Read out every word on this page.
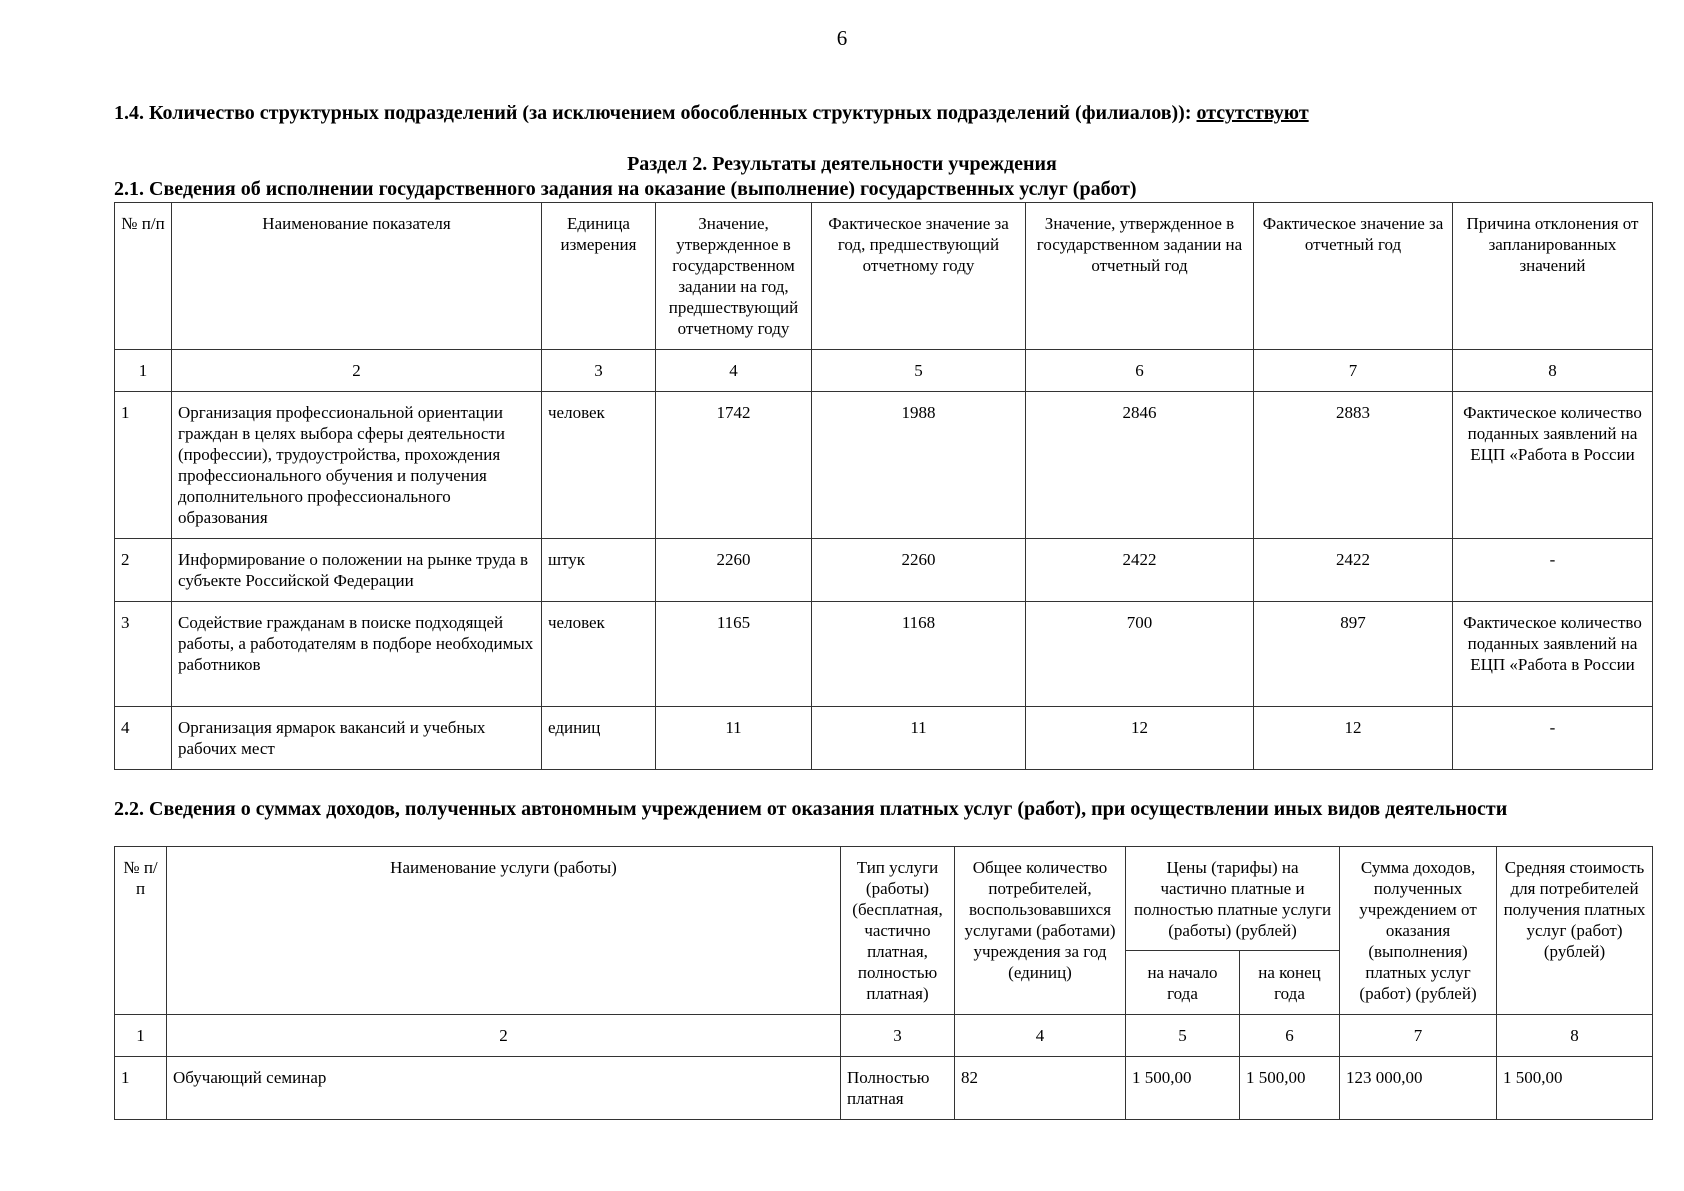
6
1.4. Количество структурных подразделений (за исключением обособленных структурных подразделений (филиалов)): отсутствуют
Раздел 2. Результаты деятельности учреждения
2.1. Сведения об исполнении государственного задания на оказание (выполнение) государственных услуг (работ)
№ п/п	Наименование показателя	Единица измерения	Значение, утвержденное в государственном задании на год, предшествующий отчетному году	Фактическое значение за год, предшествующий отчетному году	Значение, утвержденное в государственном задании на отчетный год	Фактическое значение за отчетный год	Причина отклонения от запланированных значений
1	2	3	4	5	6	7	8
1	Организация профессиональной ориентации граждан в целях выбора сферы деятельности (профессии), трудоустройства, прохождения профессионального обучения и получения дополнительного профессионального образования	человек	1742	1988	2846	2883	Фактическое количество поданных заявлений на ЕЦП «Работа в России
2	Информирование о положении на рынке труда в субъекте Российской Федерации	штук	2260	2260	2422	2422	-
3	Содействие гражданам в поиске подходящей работы, а работодателям в подборе необходимых работников	человек	1165	1168	700	897	Фактическое количество поданных заявлений на ЕЦП «Работа в России
4	Организация ярмарок вакансий и учебных рабочих мест	единиц	11	11	12	12	-
2.2. Сведения о суммах доходов, полученных автономным учреждением от оказания платных услуг (работ), при осуществлении иных видов деятельности
№ п/п	Наименование услуги (работы)	Тип услуги (работы) (бесплатная, частично платная, полностью платная)	Общее количество потребителей, воспользовавшихся услугами (работами) учреждения за год (единиц)	Цены (тарифы) на частично платные и полностью платные услуги (работы) (рублей)		Сумма доходов, полученных учреждением от оказания (выполнения) платных услуг (работ) (рублей)	Средняя стоимость для потребителей получения платных услуг (работ) (рублей)
				на начало года	на конец года		
1	2	3	4	5	6	7	8
1	Обучающий семинар	Полностью платная	82	1 500,00	1 500,00	123 000,00	1 500,00
